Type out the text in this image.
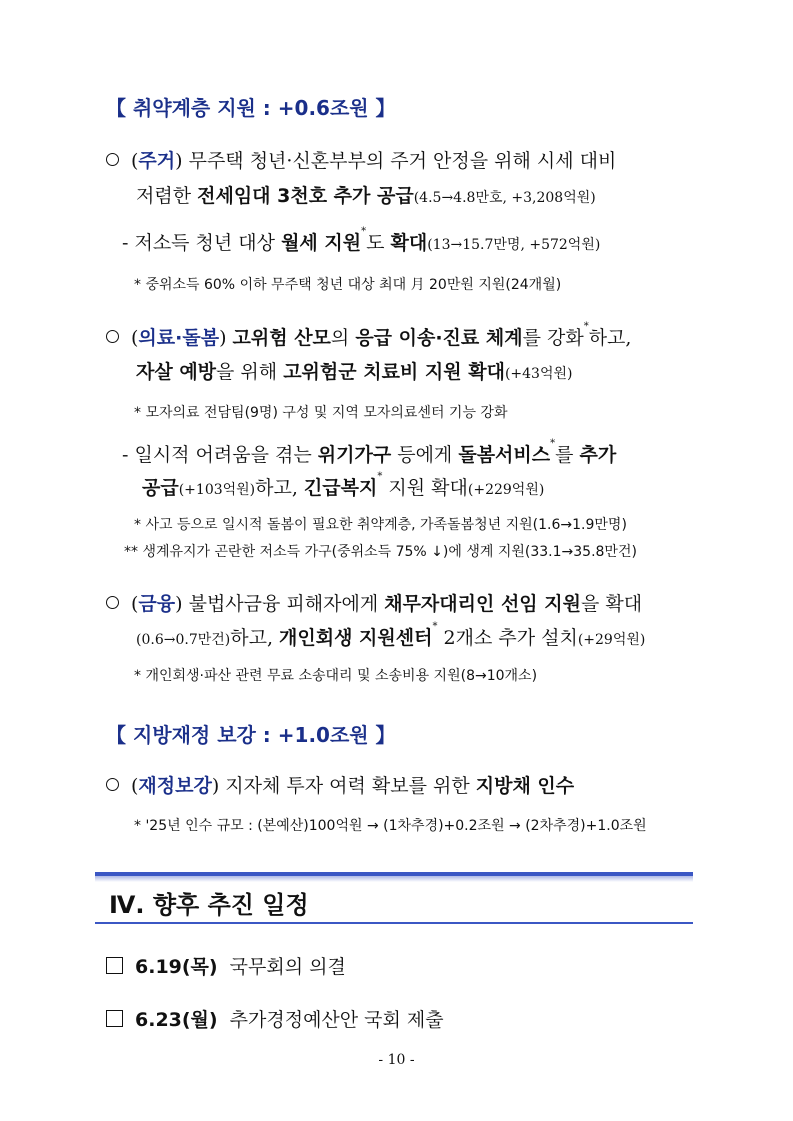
【 취약계층 지원 : +0.6조원 】
(주거) 무주택 청년·신혼부부의 주거 안정을 위해 시세 대비
저렴한 전세임대 3천호 추가 공급(4.5→4.8만호, +3,208억원)
- 저소득 청년 대상 월세 지원*도 확대(13→15.7만명, +572억원)
* 중위소득 60% 이하 무주택 청년 대상 최대 月 20만원 지원(24개월)
(의료·돌봄) 고위험 산모의 응급 이송·진료 체계를 강화*하고,
자살 예방을 위해 고위험군 치료비 지원 확대(+43억원)
* 모자의료 전담팀(9명) 구성 및 지역 모자의료센터 기능 강화
- 일시적 어려움을 겪는 위기가구 등에게 돌봄서비스*를 추가
공급(+103억원)하고, 긴급복지* 지원 확대(+229억원)
* 사고 등으로 일시적 돌봄이 필요한 취약계층, 가족돌봄청년 지원(1.6→1.9만명)
** 생계유지가 곤란한 저소득 가구(중위소득 75% ↓)에 생계 지원(33.1→35.8만건)
(금융) 불법사금융 피해자에게 채무자대리인 선임 지원을 확대
(0.6→0.7만건)하고, 개인회생 지원센터* 2개소 추가 설치(+29억원)
* 개인회생·파산 관련 무료 소송대리 및 소송비용 지원(8→10개소)
【 지방재정 보강 : +1.0조원 】
(재정보강) 지자체 투자 여력 확보를 위한 지방채 인수
* '25년 인수 규모 : (본예산)100억원 → (1차추경)+0.2조원 → (2차추경)+1.0조원
Ⅳ. 향후 추진 일정
6.19(목) 국무회의 의결
6.23(월) 추가경정예산안 국회 제출
- 10 -
